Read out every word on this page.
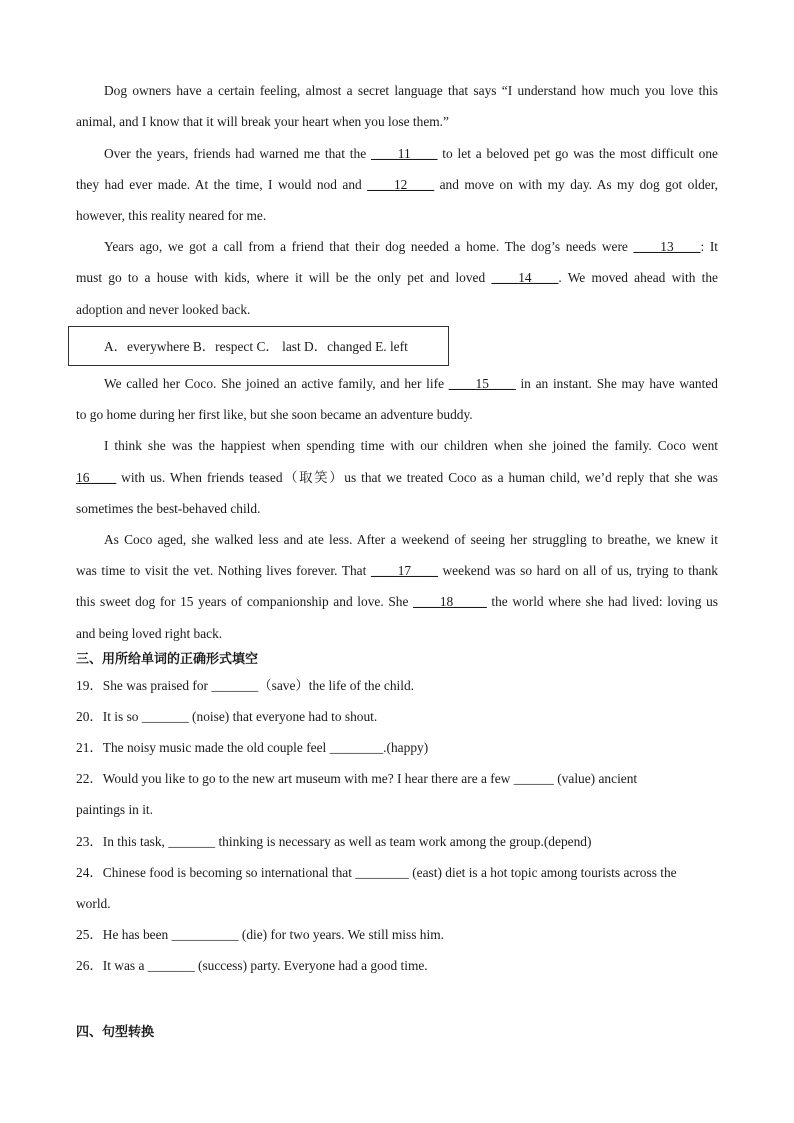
Dog owners have a certain feeling, almost a secret language that says “I understand how much you love this
animal, and I know that it will break your heart when you lose them.”
Over the years, friends had warned me that the ____11____ to let a beloved pet go was the most difficult one
they had ever made. At the time, I would nod and ____12____ and move on with my day. As my dog got older,
however, this reality neared for me.
Years ago, we got a call from a friend that their dog needed a home. The dog’s needs were ____13____: It
must go to a house with kids, where it will be the only pet and loved ____14____. We moved ahead with the
adoption and never looked back.
A．everywhere B．respect C． last D．changed E. left
We called her Coco. She joined an active family, and her life ____15____ in an instant. She may have wanted
to go home during her first like, but she soon became an adventure buddy.
I think she was the happiest when spending time with our children when she joined the family. Coco went
16____ with us. When friends teased（取笑）us that we treated Coco as a human child, we’d reply that she was
sometimes the best-behaved child.
As Coco aged, she walked less and ate less. After a weekend of seeing her struggling to breathe, we knew it
was time to visit the vet. Nothing lives forever. That ____17____ weekend was so hard on all of us, trying to thank
this sweet dog for 15 years of companionship and love. She ____18_____ the world where she had lived: loving us
and being loved right back.
三、用所给单词的正确形式填空
19．She was praised for _______（save）the life of the child.
20．It is so _______ (noise) that everyone had to shout.
21．The noisy music made the old couple feel ________.(happy)
22．Would you like to go to the new art museum with me? I hear there are a few ______ (value) ancient
paintings in it.
23．In this task, _______ thinking is necessary as well as team work among the group.(depend)
24．Chinese food is becoming so international that ________ (east) diet is a hot topic among tourists across the
world.
25．He has been __________ (die) for two years. We still miss him.
26．It was a _______ (success) party. Everyone had a good time.
四、句型转换
